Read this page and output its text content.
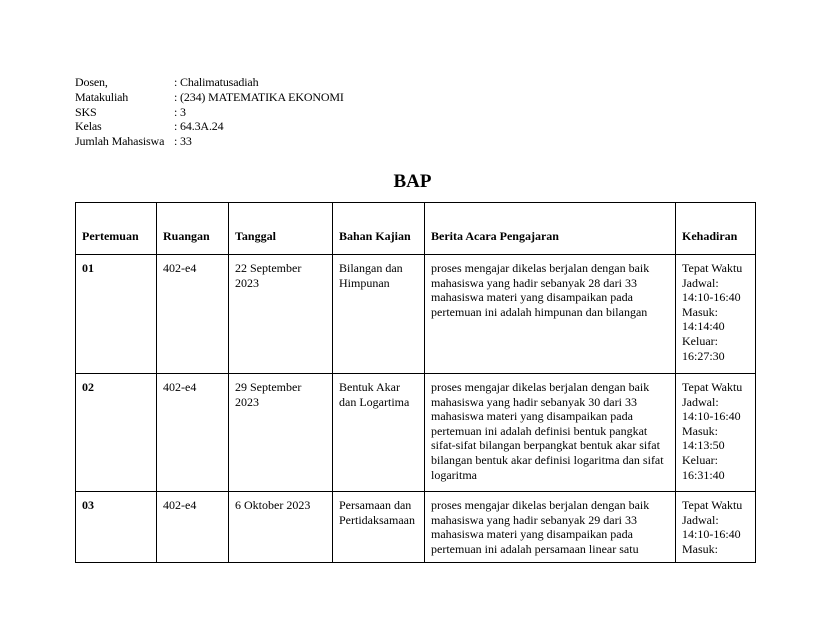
Dosen,	: Chalimatusadiah
Matakuliah	: (234) MATEMATIKA EKONOMI
SKS	: 3
Kelas	: 64.3A.24
Jumlah Mahasiswa : 33
BAP
Pertemuan	Ruangan	Tanggal	Bahan Kajian	Berita Acara Pengajaran	Kehadiran
01	402-e4	22 September 2023	Bilangan dan Himpunan	proses mengajar dikelas berjalan dengan baik mahasiswa yang hadir sebanyak 28 dari 33 mahasiswa materi yang disampaikan pada pertemuan ini adalah himpunan dan bilangan	Tepat Waktu Jadwal: 14:10-16:40 Masuk: 14:14:40 Keluar: 16:27:30
02	402-e4	29 September 2023	Bentuk Akar dan Logartima	proses mengajar dikelas berjalan dengan baik mahasiswa yang hadir sebanyak 30 dari 33 mahasiswa materi yang disampaikan pada pertemuan ini adalah definisi bentuk pangkat sifat-sifat bilangan berpangkat bentuk akar sifat bilangan bentuk akar definisi logaritma dan sifat logaritma	Tepat Waktu Jadwal: 14:10-16:40 Masuk: 14:13:50 Keluar: 16:31:40

03	402-e4	6 Oktober 2023	Persamaan dan Pertidaksamaan	proses mengajar dikelas berjalan dengan baik mahasiswa yang hadir sebanyak 29 dari 33 mahasiswa materi yang disampaikan pada pertemuan ini adalah persamaan linear satu	Tepat Waktu Jadwal: 14:10-16:40 Masuk:
